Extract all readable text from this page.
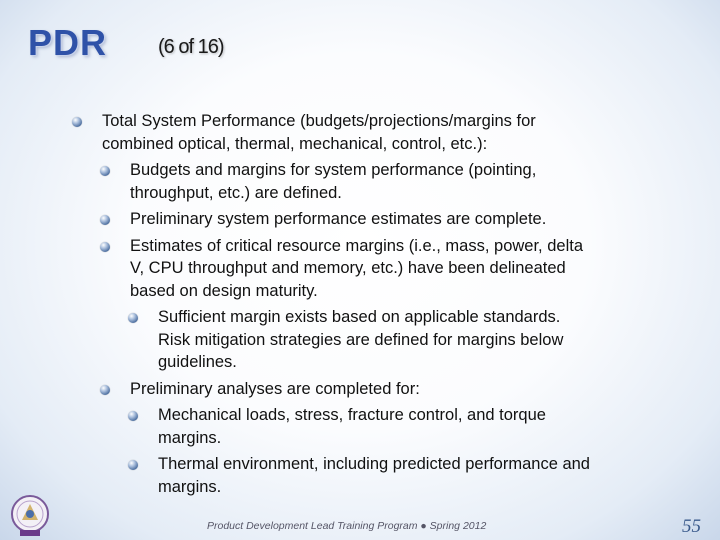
PDR	(6 of 16)
Total System Performance (budgets/projections/margins for
combined optical, thermal, mechanical, control, etc.):
Budgets and margins for system performance (pointing,
throughput, etc.) are defined.
Preliminary system performance estimates are complete.
Estimates of critical resource margins (i.e., mass, power, delta
V, CPU throughput and memory, etc.) have been delineated
based on design maturity.
Sufficient margin exists based on applicable standards.
Risk mitigation strategies are defined for margins below
guidelines.
Preliminary analyses are completed for:
Mechanical loads, stress, fracture control, and torque
margins.
Thermal environment, including predicted performance and
margins.
Product Development Lead Training Program ● Spring 2012	55
